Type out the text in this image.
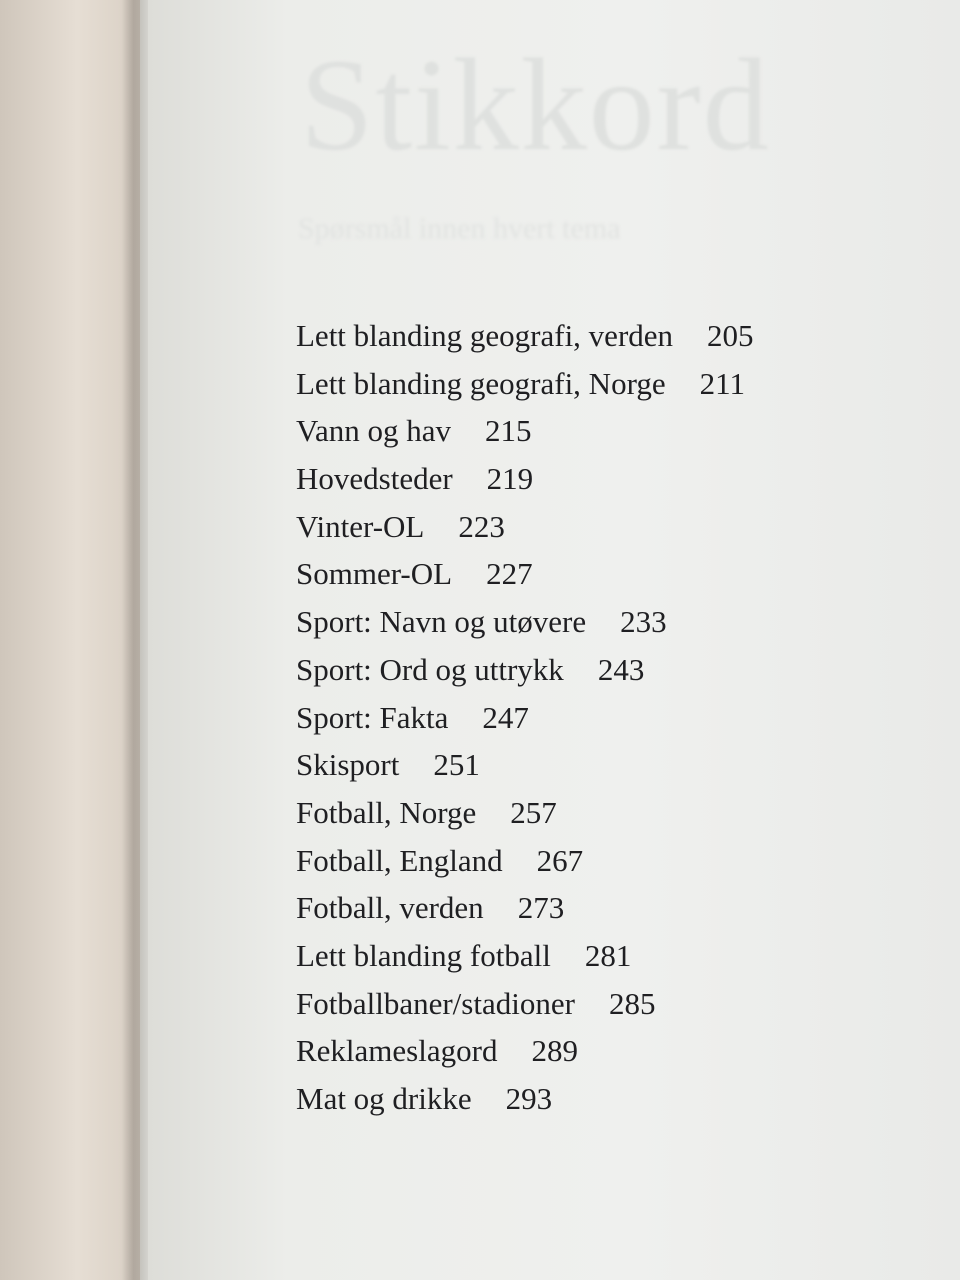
Stikkord
Spørsmål innen hvert tema
Lett blanding geografi, verden 205
Lett blanding geografi, Norge 211
Vann og hav 215
Hovedsteder 219
Vinter-OL 223
Sommer-OL 227
Sport: Navn og utøvere 233
Sport: Ord og uttrykk 243
Sport: Fakta 247
Skisport 251
Fotball, Norge 257
Fotball, England 267
Fotball, verden 273
Lett blanding fotball 281
Fotballbaner/stadioner 285
Reklameslagord 289
Mat og drikke 293
